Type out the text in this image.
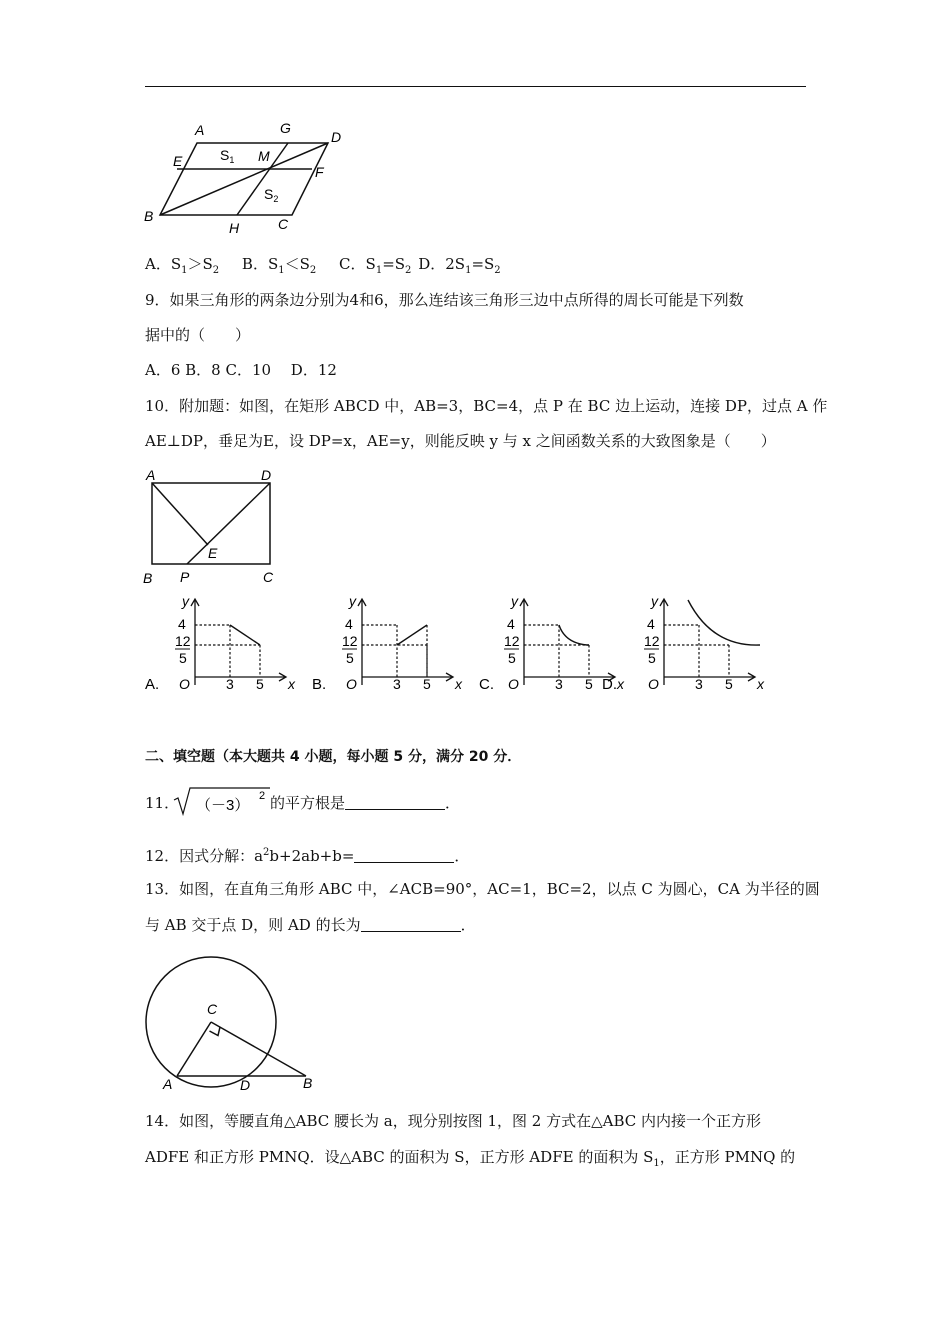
A	G
D
E	M
F
B
H	C
$S_1$
$S_2$
A．$S_1>S_2$ B．$S_1<S_2$ C．$S_1=S_2$ D．$2S_1=S_2$
9．如果三角形的两条边分别为4和6，那么连结该三角形三边中点所得的周长可能是下列数
据中的（　　）
A．6 B．8 C．10　 D．12
10．附加题：如图，在矩形 ABCD 中，AB=3，BC=4，点 P 在 BC 边上运动，连接 DP，过点 A 作
AE⊥DP，垂足为E，设 DP=x，AE=y，则能反映 y 与 x 之间函数关系的大致图象是（　　）
A	D
E
B P	C
y
x
O
4
12
5
3 5
A.
y
x
O
4
12
5
3 5
B.
y
x
O
4
12
5
3 5
C.
y
x
O
4
12
5
3 5
D.
二、填空题（本大题共 4 小题，每小题 5 分，满分 20 分．
11． （－3）
2 的平方根是	．
12．因式分解：$a^2b+2ab+b=$	．
13．如图，在直角三角形 ABC 中，∠ACB=90°，AC=1，BC=2，以点 C 为圆心，CA 为半径的圆
与 AB 交于点 D，则 AD 的长为	．
C
A	D	B
14．如图，等腰直角△ABC 腰长为 a，现分别按图 1，图 2 方式在△ABC 内内接一个正方形
ADFE 和正方形 PMNQ．设△ABC 的面积为 S，正方形 ADFE 的面积为 $S_1$，正方形 PMNQ 的
